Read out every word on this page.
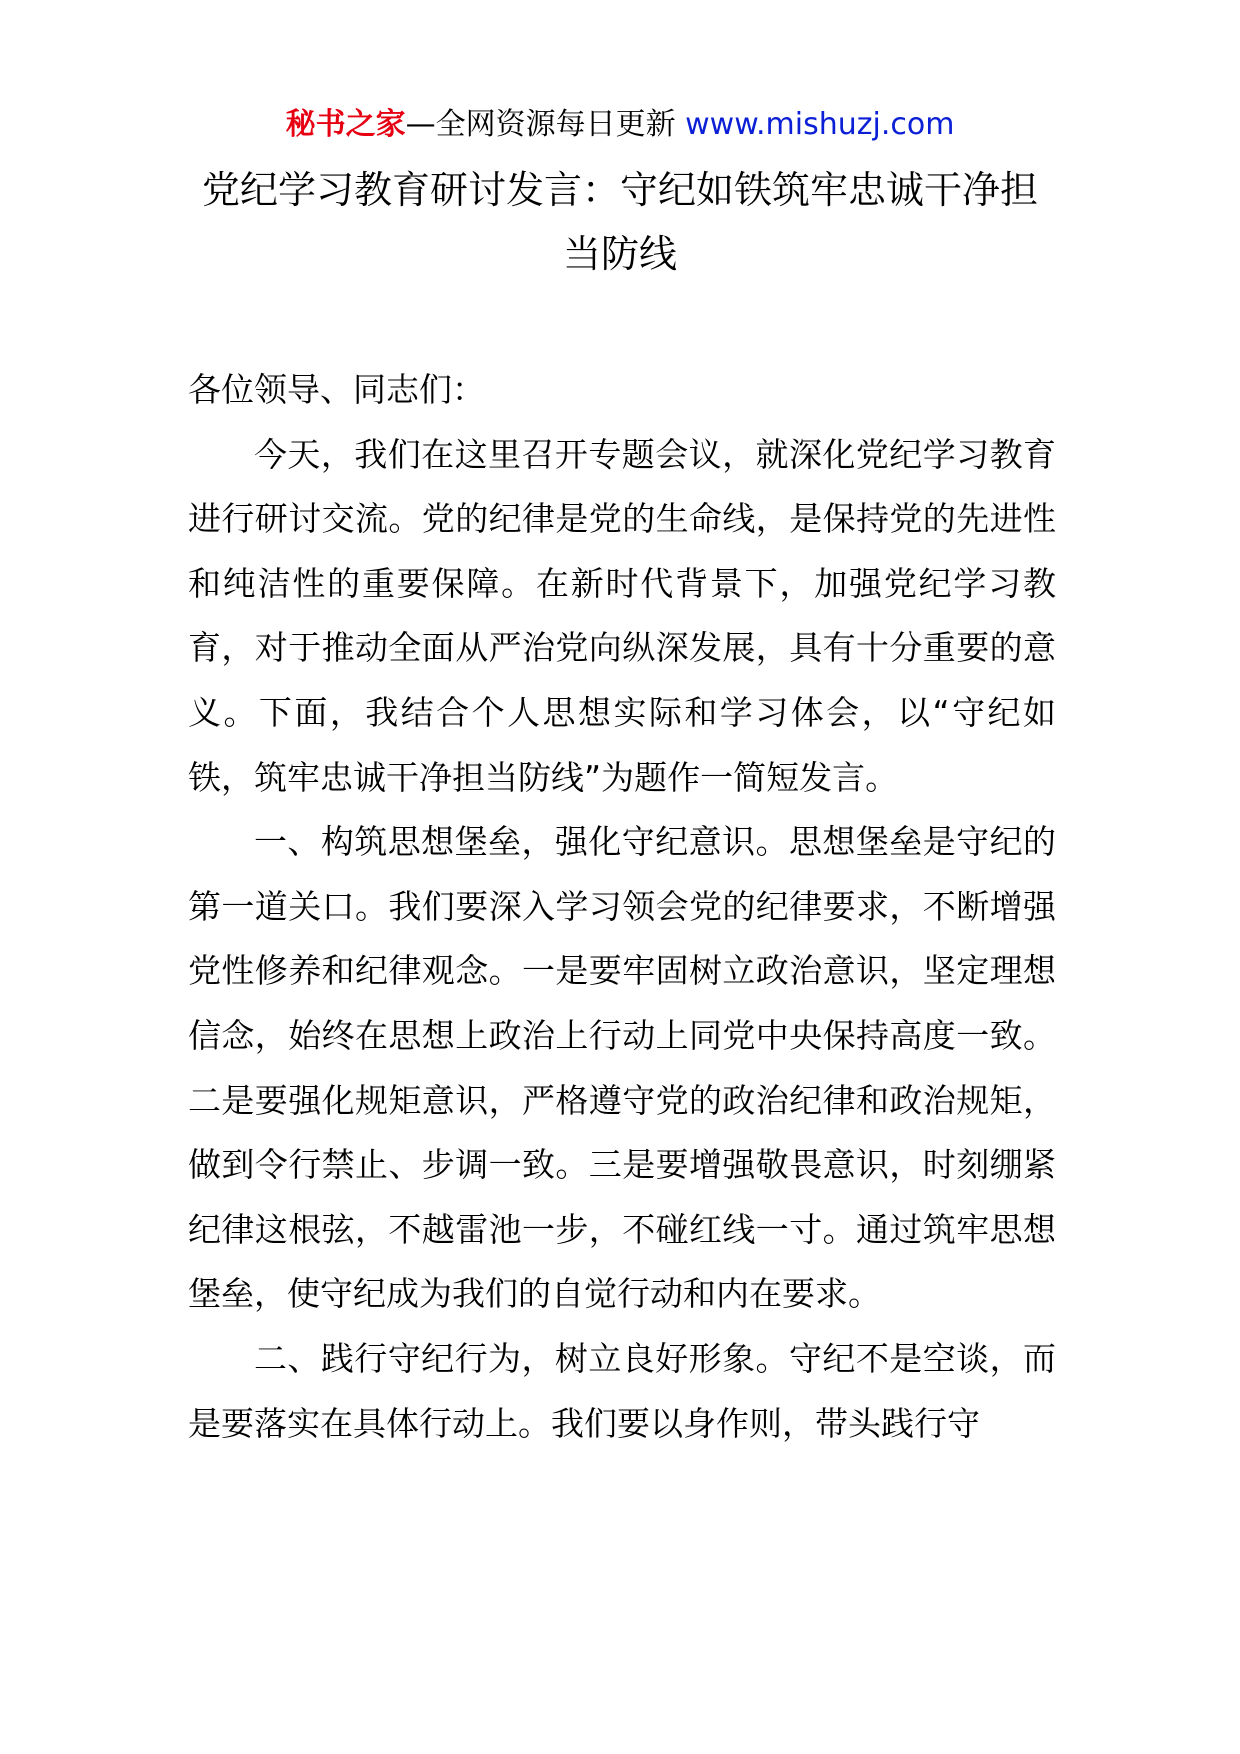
秘书之家—全网资源每日更新 www.mishuzj.com
党纪学习教育研讨发言：守纪如铁筑牢忠诚干净担当防线

各位领导、同志们：

今天，我们在这里召开专题会议，就深化党纪学习教育进行研讨交流。党的纪律是党的生命线，是保持党的先进性和纯洁性的重要保障。在新时代背景下，加强党纪学习教育，对于推动全面从严治党向纵深发展，具有十分重要的意义。下面，我结合个人思想实际和学习体会，以“守纪如铁，筑牢忠诚干净担当防线”为题作一简短发言。

一、构筑思想堡垒，强化守纪意识。思想堡垒是守纪的第一道关口。我们要深入学习领会党的纪律要求，不断增强党性修养和纪律观念。一是要牢固树立政治意识，坚定理想信念，始终在思想上政治上行动上同党中央保持高度一致。二是要强化规矩意识，严格遵守党的政治纪律和政治规矩，做到令行禁止、步调一致。三是要增强敬畏意识，时刻绷紧纪律这根弦，不越雷池一步，不碰红线一寸。通过筑牢思想堡垒，使守纪成为我们的自觉行动和内在要求。

二、践行守纪行为，树立良好形象。守纪不是空谈，而是要落实在具体行动上。我们要以身作则，带头践行守
